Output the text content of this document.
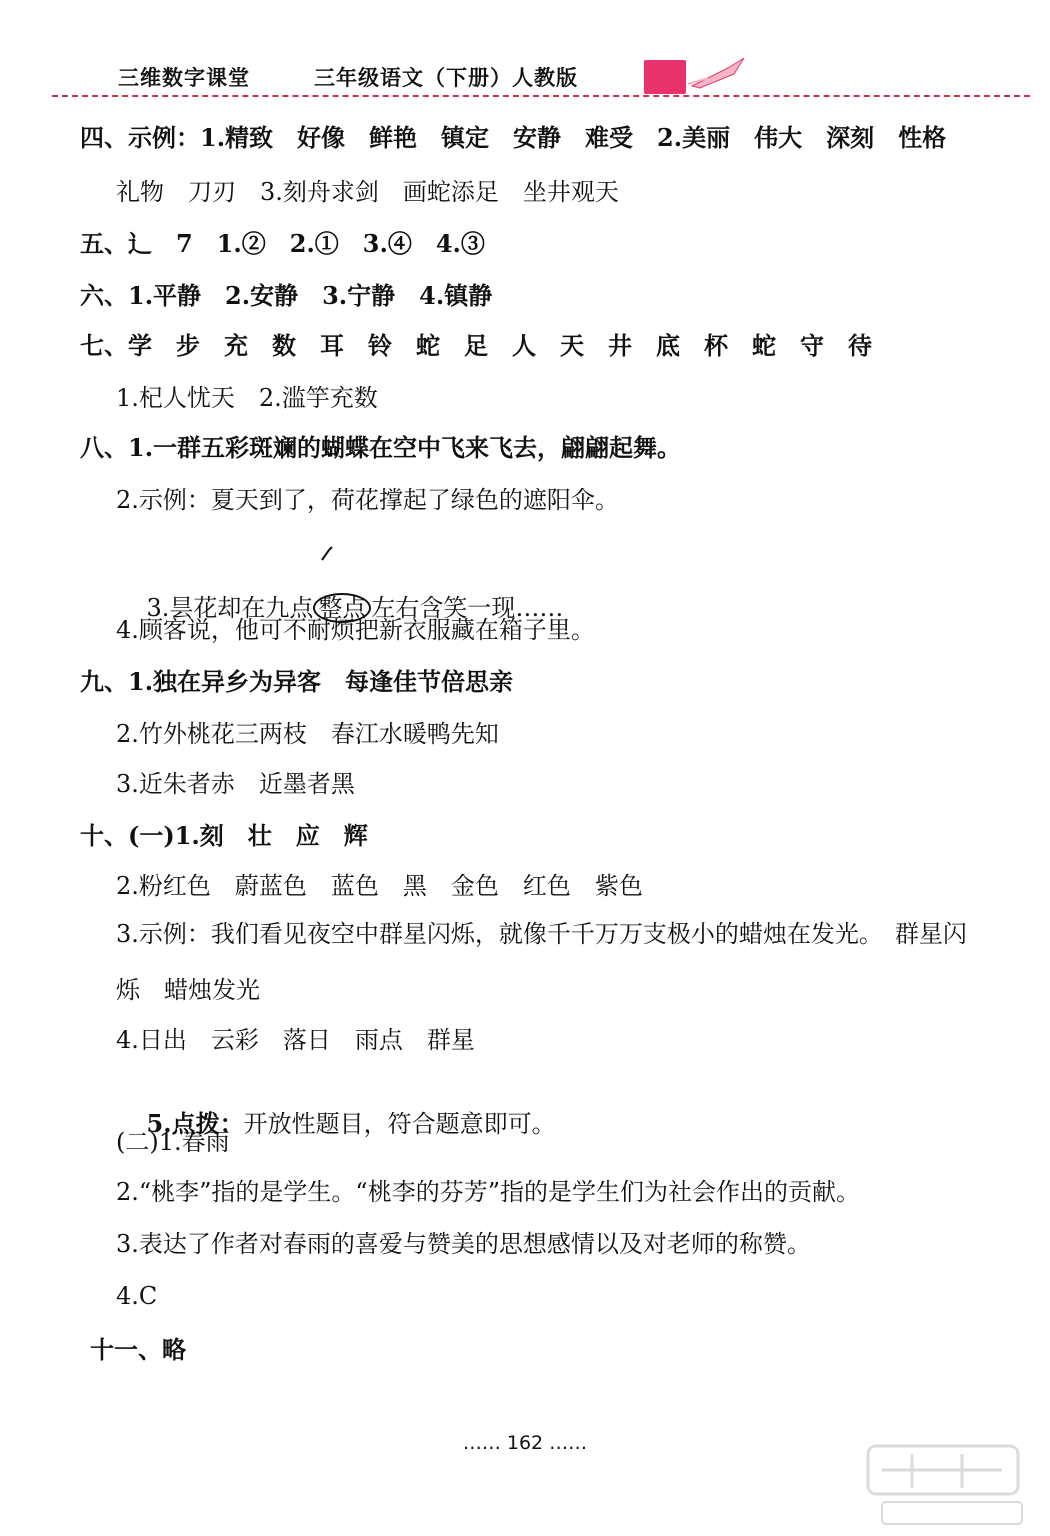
三维数字课堂	三年级语文（下册）人教版
四、示例：1.精致　好像　鲜艳　镇定　安静　难受　2.美丽　伟大　深刻　性格
礼物　刀刃　3.刻舟求剑　画蛇添足　坐井观天
五、辶　7　1.②　2.①　3.④　4.③
六、1.平静　2.安静　3.宁静　4.镇静
七、学　步　充　数　耳　铃　蛇　足　人　天　井　底　杯　蛇　守　待
1.杞人忧天　2.滥竽充数
八、1.一群五彩斑斓的蝴蝶在空中飞来飞去，翩翩起舞。
2.示例：夏天到了，荷花撑起了绿色的遮阳伞。

3.昙花却在九点 整点 左右含笑一现……

4.顾客说，他可不耐烦把新衣服藏在箱子里。
九、1.独在异乡为异客　每逢佳节倍思亲
2.竹外桃花三两枝　春江水暖鸭先知
3.近朱者赤　近墨者黑
十、(一)1.刻　壮　应　辉
2.粉红色　蔚蓝色　蓝色　黑　金色　红色　紫色
3.示例：我们看见夜空中群星闪烁，就像千千万万支极小的蜡烛在发光。　群星闪
烁　蜡烛发光
4.日出　云彩　落日　雨点　群星

5.点拨：开放性题目，符合题意即可。

(二)1.春雨
2.“桃李”指的是学生。“桃李的芬芳”指的是学生们为社会作出的贡献。
3.表达了作者对春雨的喜爱与赞美的思想感情以及对老师的称赞。
4.C
十一、略
…… 162 ……
